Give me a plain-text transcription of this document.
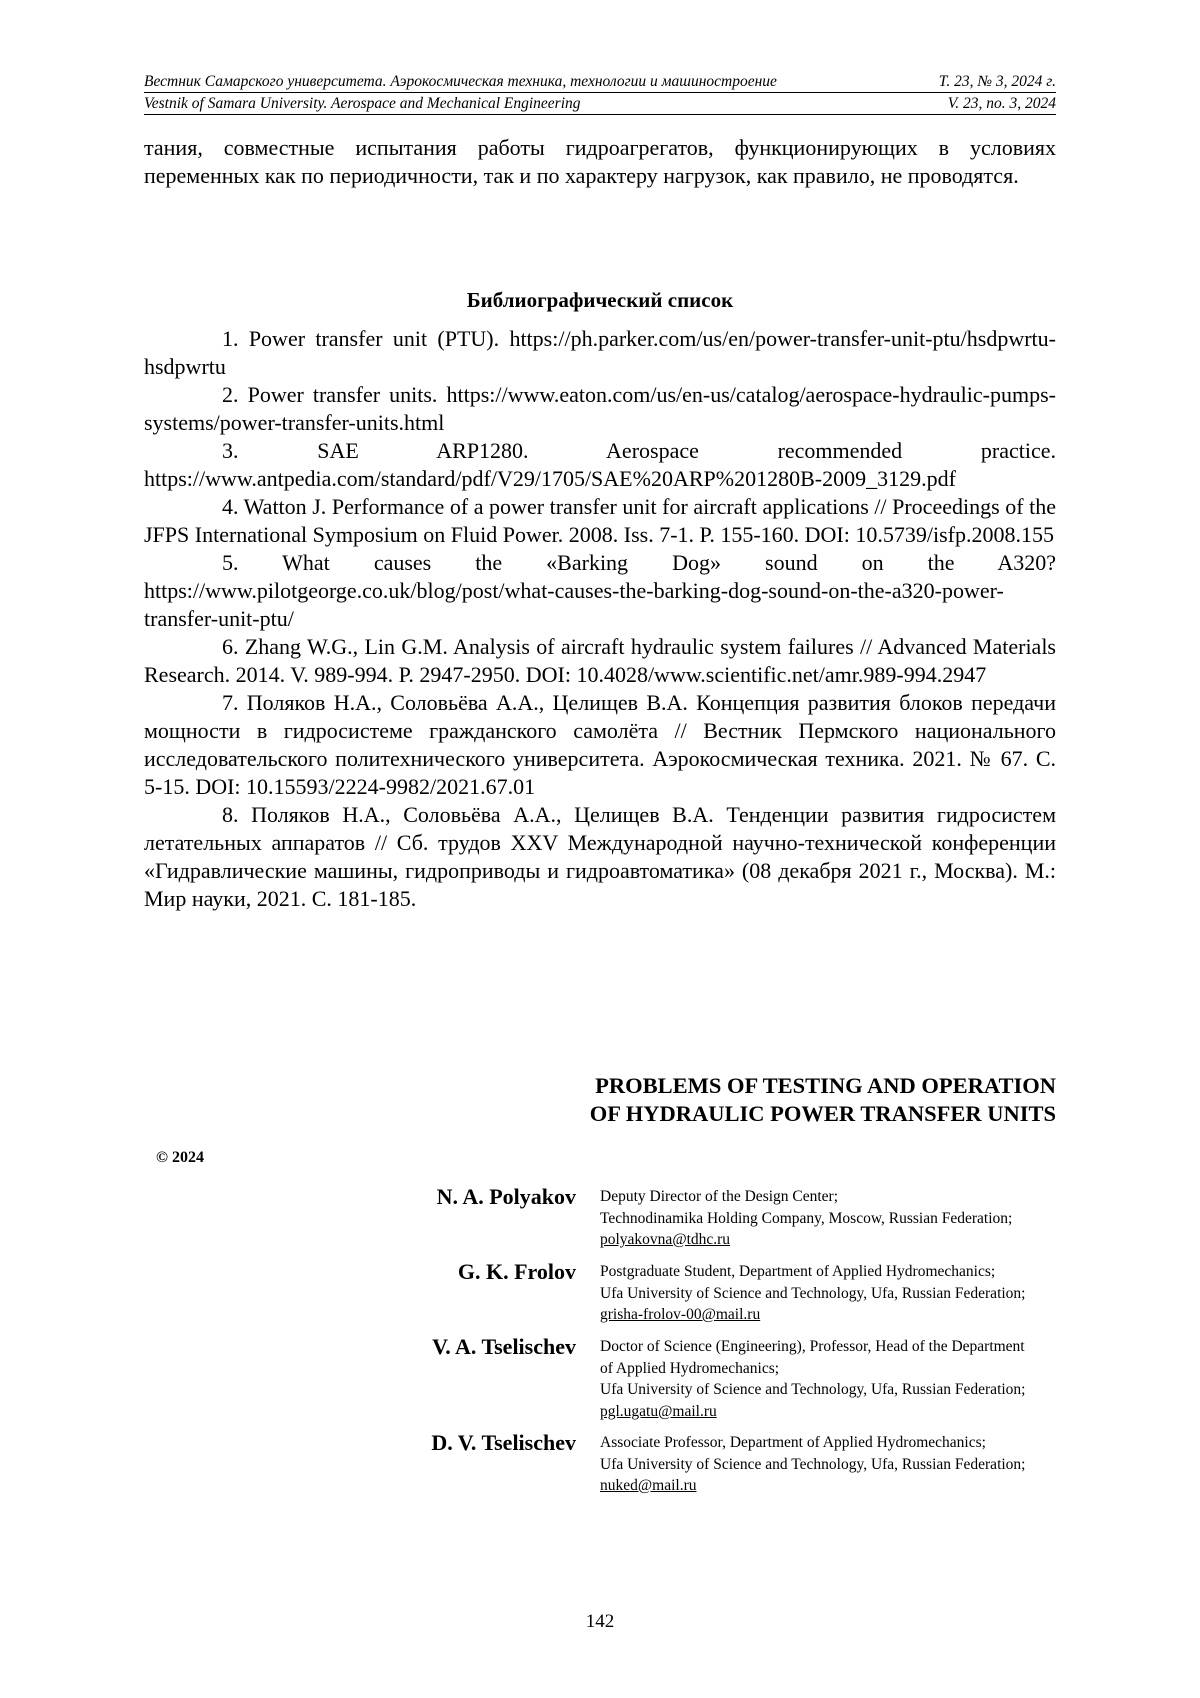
Вестник Самарского университета. Аэрокосмическая техника, технологии и машиностроение	Т. 23, № 3, 2024 г.
Vestnik of Samara University. Aerospace and Mechanical Engineering	V. 23, no. 3, 2024

тания, совместные испытания работы гидроагрегатов, функционирующих в условиях переменных как по периодичности, так и по характеру нагрузок, как правило, не проводятся.

Библиографический список
1. Power transfer unit (PTU). https://ph.parker.com/us/en/power-transfer-unit-ptu/hsdpwrtu-hsdpwrtu
2. Power transfer units. https://www.eaton.com/us/en-us/catalog/aerospace-hydraulic-pumps-systems/power-transfer-units.html
3. SAE ARP1280. Aerospace recommended practice. https://www.antpedia.com/standard/pdf/V29/1705/SAE%20ARP%201280B-2009_3129.pdf
4. Watton J. Performance of a power transfer unit for aircraft applications // Proceedings of the JFPS International Symposium on Fluid Power. 2008. Iss. 7-1. P. 155-160. DOI: 10.5739/isfp.2008.155
5. What causes the «Barking Dog» sound on the A320? https://www.pilotgeorge.co.uk/blog/post/what-causes-the-barking-dog-sound-on-the-a320-power-transfer-unit-ptu/
6. Zhang W.G., Lin G.M. Analysis of aircraft hydraulic system failures // Advanced Materials Research. 2014. V. 989-994. P. 2947-2950. DOI: 10.4028/www.scientific.net/amr.989-994.2947
7. Поляков Н.А., Соловьёва А.А., Целищев В.А. Концепция развития блоков передачи мощности в гидросистеме гражданского самолёта // Вестник Пермского национального исследовательского политехнического университета. Аэрокосмическая техника. 2021. № 67. С. 5-15. DOI: 10.15593/2224-9982/2021.67.01
8. Поляков Н.А., Соловьёва А.А., Целищев В.А. Тенденции развития гидросистем летательных аппаратов // Сб. трудов XXV Международной научно-технической конференции «Гидравлические машины, гидроприводы и гидроавтоматика» (08 декабря 2021 г., Москва). М.: Мир науки, 2021. С. 181-185.
PROBLEMS OF TESTING AND OPERATION
OF HYDRAULIC POWER TRANSFER UNITS
© 2024
N. A. Polyakov Deputy Director of the Design Center;
Technodinamika Holding Company, Moscow, Russian Federation;
polyakovna@tdhc.ru
G. K. Frolov Postgraduate Student, Department of Applied Hydromechanics;
Ufa University of Science and Technology, Ufa, Russian Federation;
grisha-frolov-00@mail.ru
V. A. Tselischev Doctor of Science (Engineering), Professor, Head of the Department
of Applied Hydromechanics;
Ufa University of Science and Technology, Ufa, Russian Federation;
pgl.ugatu@mail.ru
D. V. Tselischev Associate Professor, Department of Applied Hydromechanics;
Ufa University of Science and Technology, Ufa, Russian Federation;
nuked@mail.ru
142
